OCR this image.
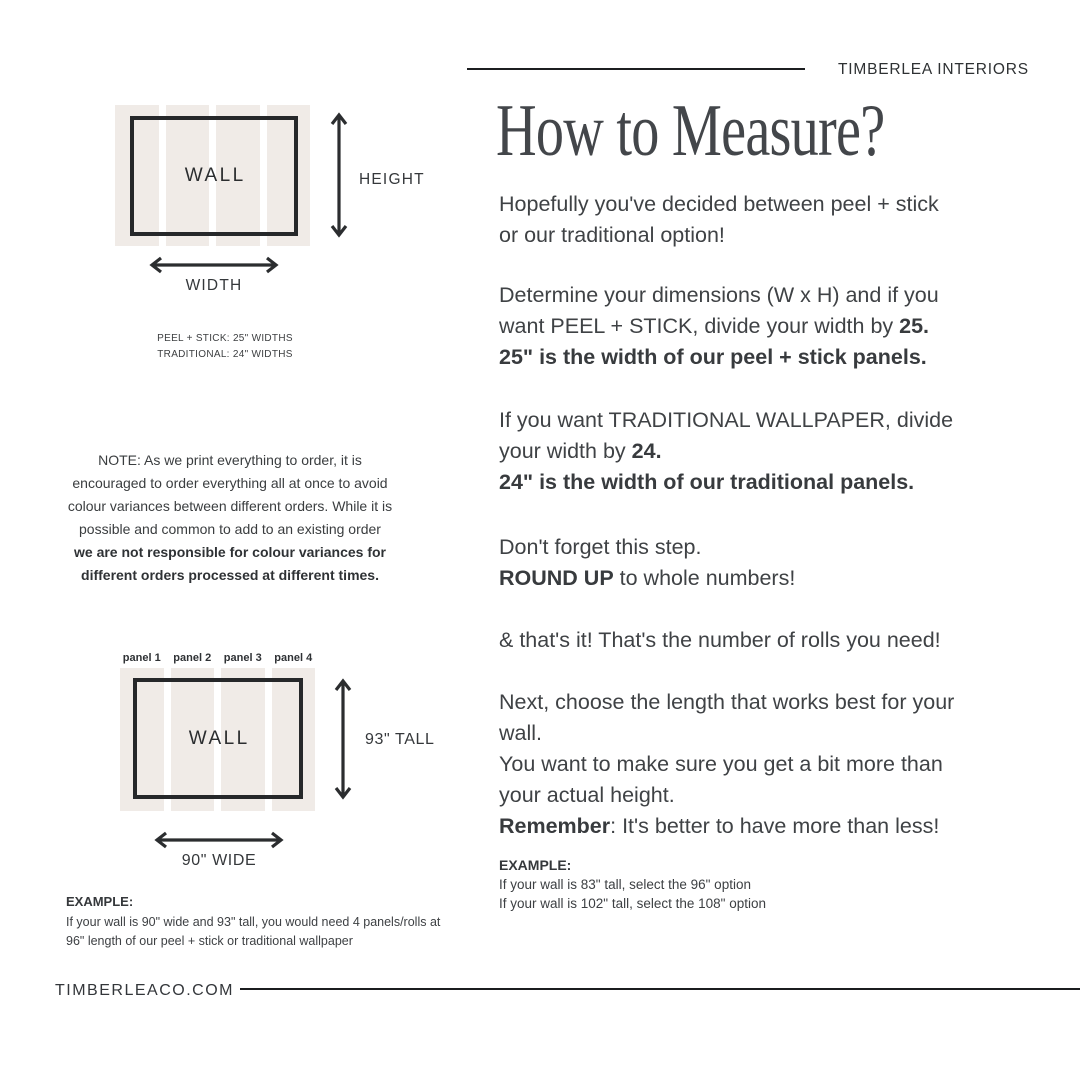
TIMBERLEA INTERIORS
How to Measure?
WALL	HEIGHT
WIDTH
PEEL + STICK: 25" WIDTHS
TRADITIONAL: 24" WIDTHS
NOTE: As we print everything to order, it is
encouraged to order everything all at once to avoid
colour variances between different orders. While it is
possible and common to add to an existing order
we are not responsible for colour variances for
different orders processed at different times.
panel 1 panel 2 panel 3 panel 4
WALL	93" TALL
90" WIDE
EXAMPLE:
If your wall is 90" wide and 93" tall, you would need 4 panels/rolls at
96" length of our peel + stick or traditional wallpaper
Hopefully you've decided between peel + stick
or our traditional option!
Determine your dimensions (W x H) and if you
want PEEL + STICK, divide your width by 25.
25" is the width of our peel + stick panels.
If you want TRADITIONAL WALLPAPER, divide
your width by 24.
24" is the width of our traditional panels.
Don't forget this step.
ROUND UP to whole numbers!
& that's it! That's the number of rolls you need!
Next, choose the length that works best for your
wall.
You want to make sure you get a bit more than
your actual height.
Remember: It's better to have more than less!
EXAMPLE:
If your wall is 83" tall, select the 96" option
If your wall is 102" tall, select the 108" option
TIMBERLEACO.COM
